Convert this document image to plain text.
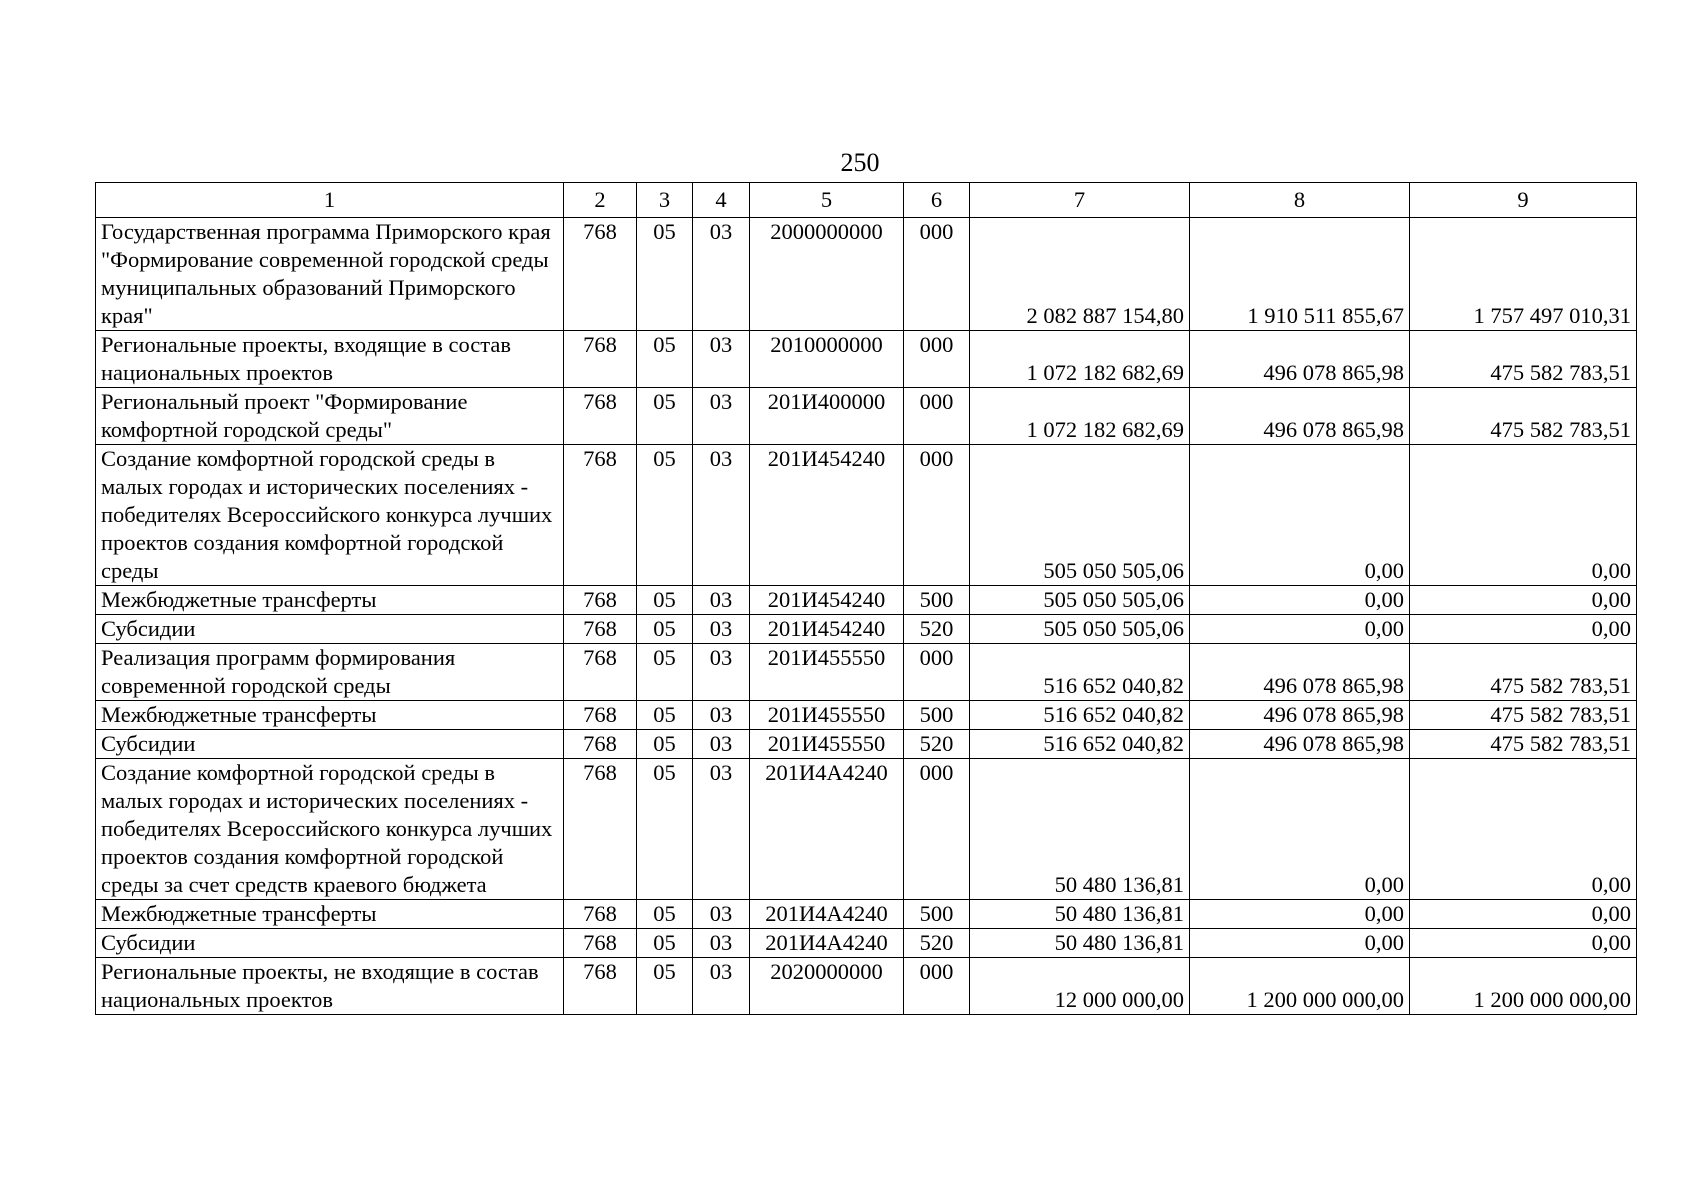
250
1	2	3	4	5	6	7	8	9
Государственная программа Приморского края "Формирование современной городской среды муниципальных образований Приморского края"	768	05	03	2000000000	000	2 082 887 154,80	1 910 511 855,67	1 757 497 010,31
Региональные проекты, входящие в состав национальных проектов	768	05	03	2010000000	000	1 072 182 682,69	496 078 865,98	475 582 783,51
Региональный проект "Формирование комфортной городской среды"	768	05	03	201И400000	000	1 072 182 682,69	496 078 865,98	475 582 783,51
Создание комфортной городской среды в малых городах и исторических поселениях - победителях Всероссийского конкурса лучших проектов создания комфортной городской среды	768	05	03	201И454240	000	505 050 505,06	0,00	0,00
Межбюджетные трансферты	768	05	03	201И454240	500	505 050 505,06	0,00	0,00
Субсидии	768	05	03	201И454240	520	505 050 505,06	0,00	0,00
Реализация программ формирования современной городской среды	768	05	03	201И455550	000	516 652 040,82	496 078 865,98	475 582 783,51
Межбюджетные трансферты	768	05	03	201И455550	500	516 652 040,82	496 078 865,98	475 582 783,51
Субсидии	768	05	03	201И455550	520	516 652 040,82	496 078 865,98	475 582 783,51
Создание комфортной городской среды в малых городах и исторических поселениях - победителях Всероссийского конкурса лучших проектов создания комфортной городской среды за счет средств краевого бюджета	768	05	03	201И4А4240	000	50 480 136,81	0,00	0,00
Межбюджетные трансферты	768	05	03	201И4А4240	500	50 480 136,81	0,00	0,00
Субсидии	768	05	03	201И4А4240	520	50 480 136,81	0,00	0,00
Региональные проекты, не входящие в состав национальных проектов	768	05	03	2020000000	000	12 000 000,00	1 200 000 000,00	1 200 000 000,00
